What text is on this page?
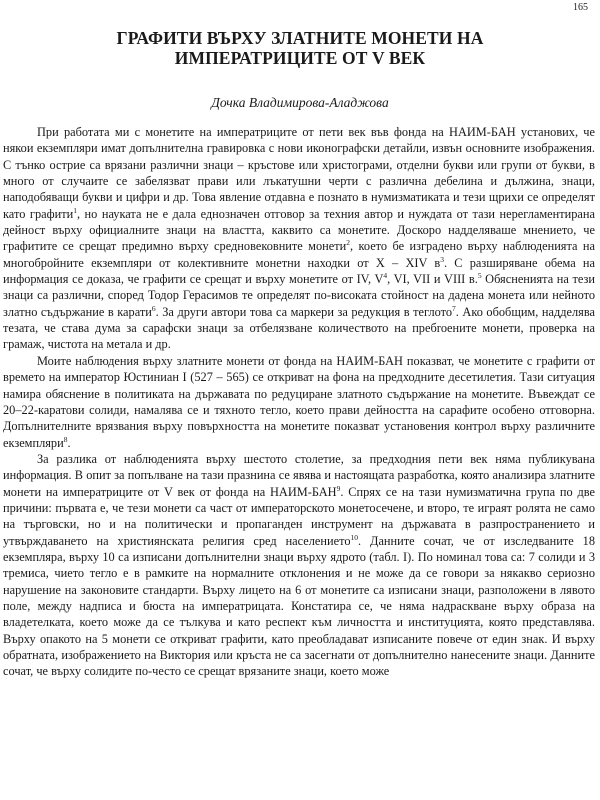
165
ГРАФИТИ ВЪРХУ ЗЛАТНИТЕ МОНЕТИ НА
ИМПЕРАТРИЦИТЕ ОТ V ВЕК

Дочка Владимирова-Аладжова

При работата ми с монетите на императриците от пети век във фонда на НАИМ-БАН установих, че някои екземпляри имат допълнителна гравировка с нови иконографски детайли, извън основните изображения. С тънко острие са врязани различни знаци – кръстове или христограми, отделни букви или групи от букви, в много от случаите се забелязват прави или лъкатушни черти с различна дебелина и дължина, знаци, наподобяващи букви и цифри и др. Това явление отдавна е познато в нумизматиката и тези щрихи се определят като графити$^1$, но науката не е дала еднозначен отговор за техния автор и нуждата от тази нерегламентирана дейност върху официалните знаци на властта, каквито са монетите. Доскоро надделяваше мнението, че графитите се срещат предимно върху средновековните монети$^2$, което бе изградено върху наблюденията на многобройните екземпляри от колективните монетни находки от X – XIV в$^3$. С разширяване обема на информация се доказа, че графити се срещат и върху монетите от IV, V$^4$, VI, VII и VIII в.$^5$ Обясненията на тези знаци са различни, според Тодор Герасимов те определят по-високата стойност на дадена монета или нейното златно съдържание в карати$^6$. За други автори това са маркери за редукция в теглото$^7$. Ако обобщим, надделява тезата, че става дума за сарафски знаци за отбелязване количеството на пребroените монети, проверка на грамаж, чистота на метала и др.

Моите наблюдения върху златните монети от фонда на НАИМ-БАН показват, че монетите с графити от времето на император Юстиниан I (527 – 565) се откриват на фона на предходните десетилетия. Тази ситуация намира обяснение в политиката на държавата по редуциране златното съдържание на монетите. Въвеждат се 20–22-каратови солиди, намалява се и тяхното тегло, което прави дейността на сарафите особено отговорна. Допълнителните врязвания върху повърхността на монетите показват установения контрол върху различните екземпляри$^8$.

За разлика от наблюденията върху шестото столетие, за предходния пети век няма публикувана информация. В опит за попълване на тази празнина се явява и настоящата разработка, която анализира златните монети на императриците от V век от фонда на НАИМ-БАН$^9$. Спрях се на тази нумизматична група по две причини: първата е, че тези монети са част от императорското монетосечене, и второ, те играят ролята не само на търговски, но и на политически и пропаганден инструмент на държавата в разпространението и утвърждаването на християнската религия сред населението$^{10}$. Данните сочат, че от изследваните 18 екземпляра, върху 10 са изписани допълнителни знаци върху ядрото (табл. I). По номинал това са: 7 солиди и 3 тремиса, чието тегло е в рамките на нормалните отклонения и не може да се говори за някакво сериозно нарушение на законовите стандарти. Върху лицето на 6 от монетите са изписани знаци, разположени в лявото поле, между надписа и бюста на императрицата. Констатира се, че няма надраскване върху образа на владетелката, което може да се тълкува и като респект към личността и институцията, която представлява. Върху опакото на 5 монети се откриват графити, като преобладават изписаните повече от един знак. И върху обратната, изображението на Виктория или кръста не са засегнати от допълнително нанесените знаци. Данните сочат, че върху солидите по-често се срещат врязаните знаци, което може
